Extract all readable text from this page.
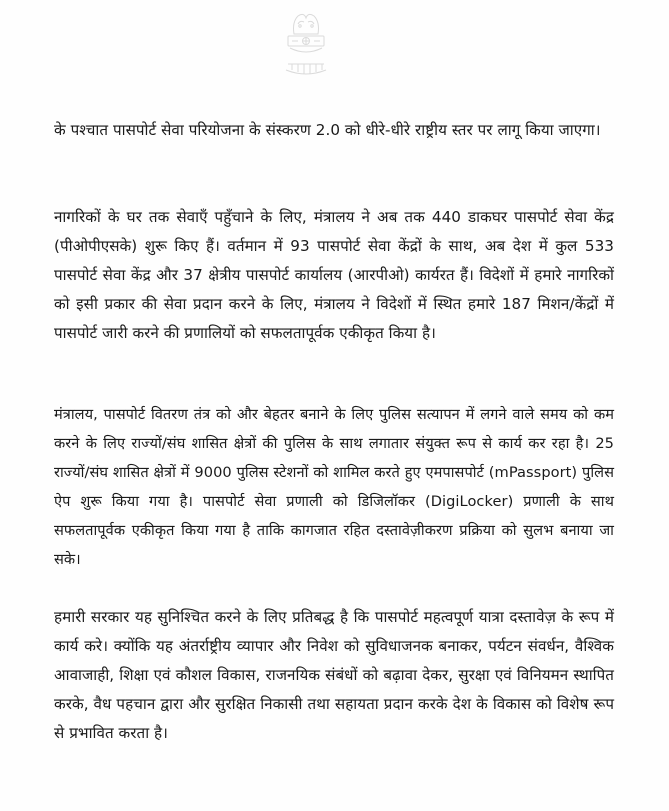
के पश्चात पासपोर्ट सेवा परियोजना के संस्करण 2.0 को धीरे-धीरे राष्ट्रीय स्तर पर लागू किया जाएगा।

नागरिकों के घर तक सेवाएँ पहुँचाने के लिए, मंत्रालय ने अब तक 440 डाकघर पासपोर्ट सेवा केंद्र (पीओपीएसके) शुरू किए हैं। वर्तमान में 93 पासपोर्ट सेवा केंद्रों के साथ, अब देश में कुल 533 पासपोर्ट सेवा केंद्र और 37 क्षेत्रीय पासपोर्ट कार्यालय (आरपीओ) कार्यरत हैं। विदेशों में हमारे नागरिकों को इसी प्रकार की सेवा प्रदान करने के लिए, मंत्रालय ने विदेशों में स्थित हमारे 187 मिशन/केंद्रों में पासपोर्ट जारी करने की प्रणालियों को सफलतापूर्वक एकीकृत किया है।

मंत्रालय, पासपोर्ट वितरण तंत्र को और बेहतर बनाने के लिए पुलिस सत्यापन में लगने वाले समय को कम करने के लिए राज्यों/संघ शासित क्षेत्रों की पुलिस के साथ लगातार संयुक्त रूप से कार्य कर रहा है। 25 राज्यों/संघ शासित क्षेत्रों में 9000 पुलिस स्टेशनों को शामिल करते हुए एमपासपोर्ट (mPassport) पुलिस ऐप शुरू किया गया है। पासपोर्ट सेवा प्रणाली को डिजिलॉकर (DigiLocker) प्रणाली के साथ सफलतापूर्वक एकीकृत किया गया है ताकि कागजात रहित दस्तावेज़ीकरण प्रक्रिया को सुलभ बनाया जा सके।

हमारी सरकार यह सुनिश्चित करने के लिए प्रतिबद्ध है कि पासपोर्ट महत्वपूर्ण यात्रा दस्तावेज़ के रूप में कार्य करे। क्योंकि यह अंतर्राष्ट्रीय व्यापार और निवेश को सुविधाजनक बनाकर, पर्यटन संवर्धन, वैश्विक आवाजाही, शिक्षा एवं कौशल विकास, राजनयिक संबंधों को बढ़ावा देकर, सुरक्षा एवं विनियमन स्थापित करके, वैध पहचान द्वारा और सुरक्षित निकासी तथा सहायता प्रदान करके देश के विकास को विशेष रूप से प्रभावित करता है।
